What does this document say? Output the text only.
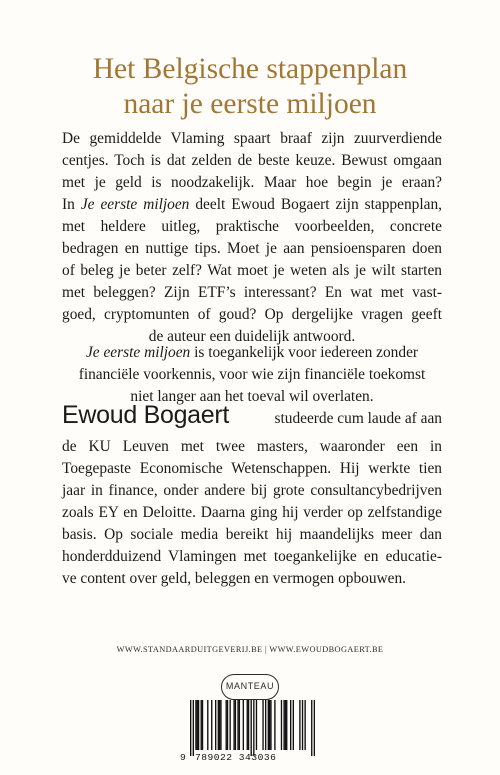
Het Belgische stappenplan
naar je eerste miljoen
De gemiddelde Vlaming spaart braaf zijn zuurverdiende
centjes. Toch is dat zelden de beste keuze. Bewust omgaan
met je geld is noodzakelijk. Maar hoe begin je eraan?
In Je eerste miljoen deelt Ewoud Bogaert zijn stappenplan,
met heldere uitleg, praktische voorbeelden, concrete
bedragen en nuttige tips. Moet je aan pensioensparen doen
of beleg je beter zelf? Wat moet je weten als je wilt starten
met beleggen? Zijn ETF’s interessant? En wat met vast-
goed, cryptomunten of goud? Op dergelijke vragen geeft
de auteur een duidelijk antwoord.
Je eerste miljoen is toegankelijk voor iedereen zonder
financiële voorkennis, voor wie zijn financiële toekomst
niet langer aan het toeval wil overlaten.
Ewoud Bogaert	studeerde cum laude af aan
de KU Leuven met twee masters, waaronder een in
Toegepaste Economische Wetenschappen. Hij werkte tien
jaar in finance, onder andere bij grote consultancybedrijven
zoals EY en Deloitte. Daarna ging hij verder op zelfstandige
basis. Op sociale media bereikt hij maandelijks meer dan
honderdduizend Vlamingen met toegankelijke en educatie-
ve content over geld, beleggen en vermogen opbouwen.
WWW.STANDAARDUITGEVERIJ.BE | WWW.EWOUDBOGAERT.BE
MANTEAU
9 789022 343036
